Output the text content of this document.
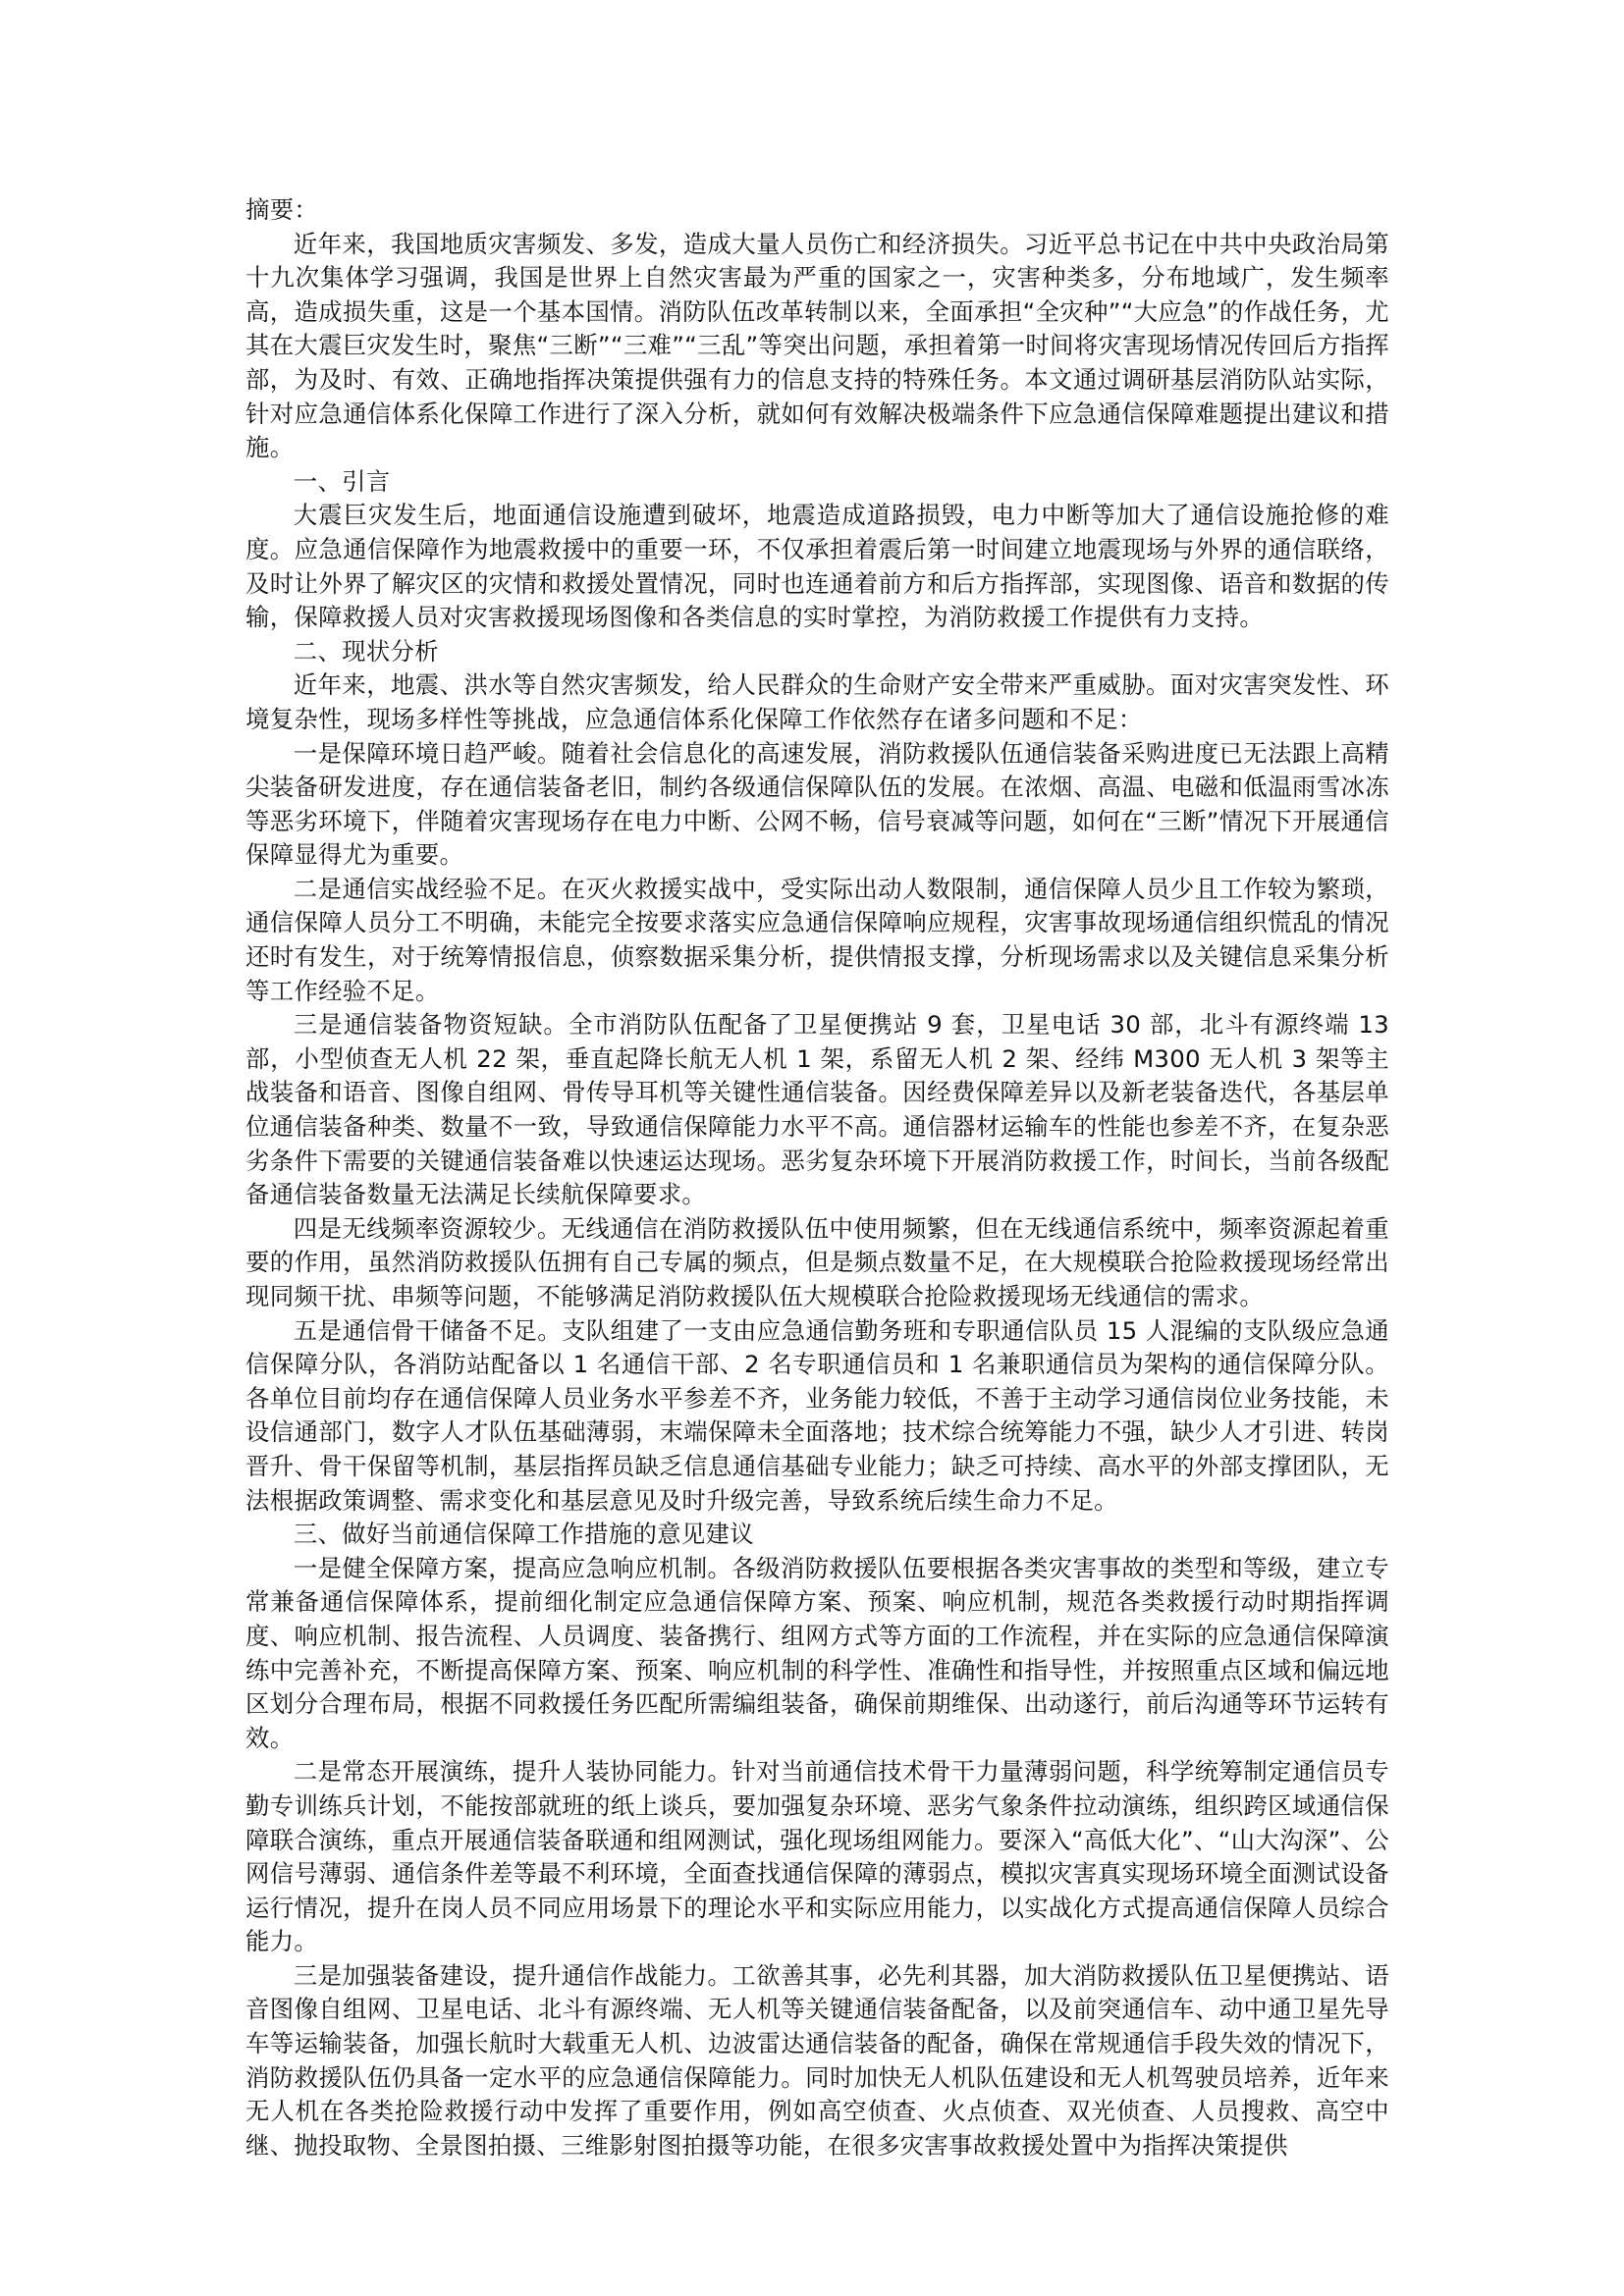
摘要：

近年来，我国地质灾害频发、多发，造成大量人员伤亡和经济损失。习近平总书记在中共中央政治局第十九次集体学习强调，我国是世界上自然灾害最为严重的国家之一，灾害种类多，分布地域广，发生频率高，造成损失重，这是一个基本国情。消防队伍改革转制以来，全面承担“全灾种”“大应急”的作战任务，尤其在大震巨灾发生时，聚焦“三断”“三难”“三乱”等突出问题，承担着第一时间将灾害现场情况传回后方指挥部，为及时、有效、正确地指挥决策提供强有力的信息支持的特殊任务。本文通过调研基层消防队站实际，针对应急通信体系化保障工作进行了深入分析，就如何有效解决极端条件下应急通信保障难题提出建议和措施。

一、引言

大震巨灾发生后，地面通信设施遭到破坏，地震造成道路损毁，电力中断等加大了通信设施抢修的难度。应急通信保障作为地震救援中的重要一环，不仅承担着震后第一时间建立地震现场与外界的通信联络，及时让外界了解灾区的灾情和救援处置情况，同时也连通着前方和后方指挥部，实现图像、语音和数据的传输，保障救援人员对灾害救援现场图像和各类信息的实时掌控，为消防救援工作提供有力支持。

二、现状分析

近年来，地震、洪水等自然灾害频发，给人民群众的生命财产安全带来严重威胁。面对灾害突发性、环境复杂性，现场多样性等挑战，应急通信体系化保障工作依然存在诸多问题和不足：

一是保障环境日趋严峻。随着社会信息化的高速发展，消防救援队伍通信装备采购进度已无法跟上高精尖装备研发进度，存在通信装备老旧，制约各级通信保障队伍的发展。在浓烟、高温、电磁和低温雨雪冰冻等恶劣环境下，伴随着灾害现场存在电力中断、公网不畅，信号衰减等问题，如何在“三断”情况下开展通信保障显得尤为重要。

二是通信实战经验不足。在灭火救援实战中，受实际出动人数限制，通信保障人员少且工作较为繁琐，通信保障人员分工不明确，未能完全按要求落实应急通信保障响应规程，灾害事故现场通信组织慌乱的情况还时有发生，对于统筹情报信息，侦察数据采集分析，提供情报支撑，分析现场需求以及关键信息采集分析等工作经验不足。

三是通信装备物资短缺。全市消防队伍配备了卫星便携站 9 套，卫星电话 30 部，北斗有源终端 13 部，小型侦查无人机 22 架，垂直起降长航无人机 1 架，系留无人机 2 架、经纬 M300 无人机 3 架等主战装备和语音、图像自组网、骨传导耳机等关键性通信装备。因经费保障差异以及新老装备迭代，各基层单位通信装备种类、数量不一致，导致通信保障能力水平不高。通信器材运输车的性能也参差不齐，在复杂恶劣条件下需要的关键通信装备难以快速运达现场。恶劣复杂环境下开展消防救援工作，时间长，当前各级配备通信装备数量无法满足长续航保障要求。

四是无线频率资源较少。无线通信在消防救援队伍中使用频繁，但在无线通信系统中，频率资源起着重要的作用，虽然消防救援队伍拥有自己专属的频点，但是频点数量不足，在大规模联合抢险救援现场经常出现同频干扰、串频等问题，不能够满足消防救援队伍大规模联合抢险救援现场无线通信的需求。

五是通信骨干储备不足。支队组建了一支由应急通信勤务班和专职通信队员 15 人混编的支队级应急通信保障分队，各消防站配备以 1 名通信干部、2 名专职通信员和 1 名兼职通信员为架构的通信保障分队。各单位目前均存在通信保障人员业务水平参差不齐，业务能力较低，不善于主动学习通信岗位业务技能，未设信通部门，数字人才队伍基础薄弱，末端保障未全面落地；技术综合统筹能力不强，缺少人才引进、转岗晋升、骨干保留等机制，基层指挥员缺乏信息通信基础专业能力；缺乏可持续、高水平的外部支撑团队，无法根据政策调整、需求变化和基层意见及时升级完善，导致系统后续生命力不足。

三、做好当前通信保障工作措施的意见建议

一是健全保障方案，提高应急响应机制。各级消防救援队伍要根据各类灾害事故的类型和等级，建立专常兼备通信保障体系，提前细化制定应急通信保障方案、预案、响应机制，规范各类救援行动时期指挥调度、响应机制、报告流程、人员调度、装备携行、组网方式等方面的工作流程，并在实际的应急通信保障演练中完善补充，不断提高保障方案、预案、响应机制的科学性、准确性和指导性，并按照重点区域和偏远地区划分合理布局，根据不同救援任务匹配所需编组装备，确保前期维保、出动遂行，前后沟通等环节运转有效。

二是常态开展演练，提升人装协同能力。针对当前通信技术骨干力量薄弱问题，科学统筹制定通信员专勤专训练兵计划，不能按部就班的纸上谈兵，要加强复杂环境、恶劣气象条件拉动演练，组织跨区域通信保障联合演练，重点开展通信装备联通和组网测试，强化现场组网能力。要深入“高低大化”、“山大沟深”、公网信号薄弱、通信条件差等最不利环境，全面查找通信保障的薄弱点，模拟灾害真实现场环境全面测试设备运行情况，提升在岗人员不同应用场景下的理论水平和实际应用能力，以实战化方式提高通信保障人员综合能力。

三是加强装备建设，提升通信作战能力。工欲善其事，必先利其器，加大消防救援队伍卫星便携站、语音图像自组网、卫星电话、北斗有源终端、无人机等关键通信装备配备，以及前突通信车、动中通卫星先导车等运输装备，加强长航时大载重无人机、边波雷达通信装备的配备，确保在常规通信手段失效的情况下，消防救援队伍仍具备一定水平的应急通信保障能力。同时加快无人机队伍建设和无人机驾驶员培养，近年来无人机在各类抢险救援行动中发挥了重要作用，例如高空侦查、火点侦查、双光侦查、人员搜救、高空中继、抛投取物、全景图拍摄、三维影射图拍摄等功能，在很多灾害事故救援处置中为指挥决策提供
